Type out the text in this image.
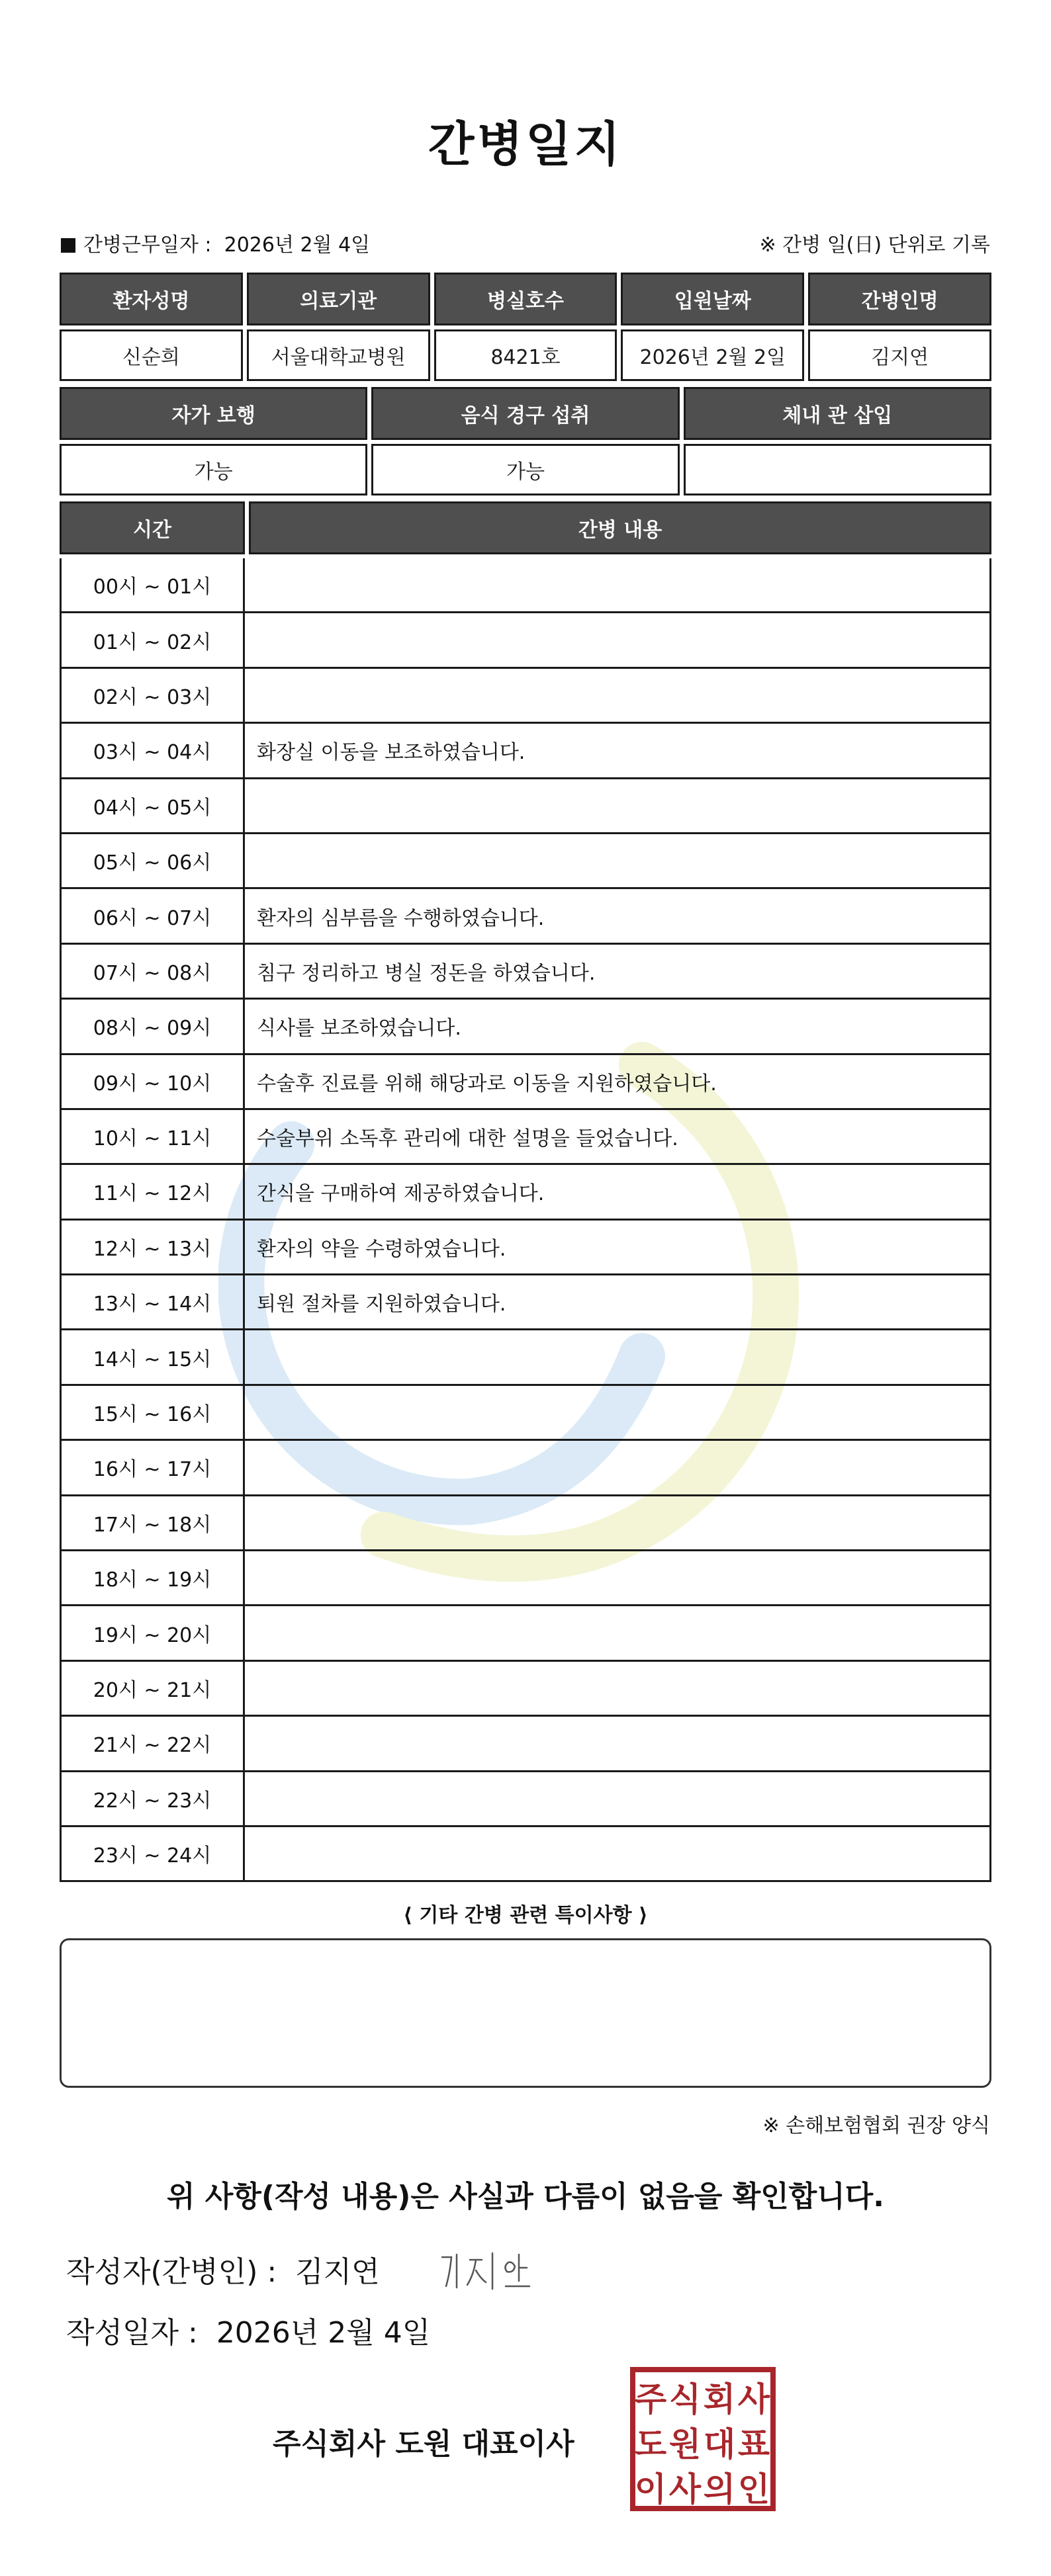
간병일지
간병근무일자 : 2026년 2월 4일	※ 간병 일(日) 단위로 기록
환자성명	의료기관	병실호수	입원날짜	간병인명
신순희	서울대학교병원	8421호	2026년 2월 2일	김지연
자가 보행	음식 경구 섭취	체내 관 삽입
가능	가능
시간	간병 내용
00시 ~ 01시
01시 ~ 02시
02시 ~ 03시
03시 ~ 04시	화장실 이동을 보조하였습니다.
04시 ~ 05시
05시 ~ 06시
06시 ~ 07시	환자의 심부름을 수행하였습니다.
07시 ~ 08시	침구 정리하고 병실 정돈을 하였습니다.
08시 ~ 09시	식사를 보조하였습니다.
09시 ~ 10시	수술후 진료를 위해 해당과로 이동을 지원하였습니다.
10시 ~ 11시	수술부위 소독후 관리에 대한 설명을 들었습니다.
11시 ~ 12시	간식을 구매하여 제공하였습니다.
12시 ~ 13시	환자의 약을 수령하였습니다.
13시 ~ 14시	퇴원 절차를 지원하였습니다.
14시 ~ 15시
15시 ~ 16시
16시 ~ 17시
17시 ~ 18시
18시 ~ 19시
19시 ~ 20시
20시 ~ 21시
21시 ~ 22시
22시 ~ 23시
23시 ~ 24시
⟨ 기타 간병 관련 특이사항 ⟩
※ 손해보험협회 권장 양식
위 사항(작성 내용)은 사실과 다름이 없음을 확인합니다.
작성자(간병인) : 김지연
작성일자 : 2026년 2월 4일
주식회사 도원 대표이사
주 식 회 사
도 원 대 표
이 사 의 인
